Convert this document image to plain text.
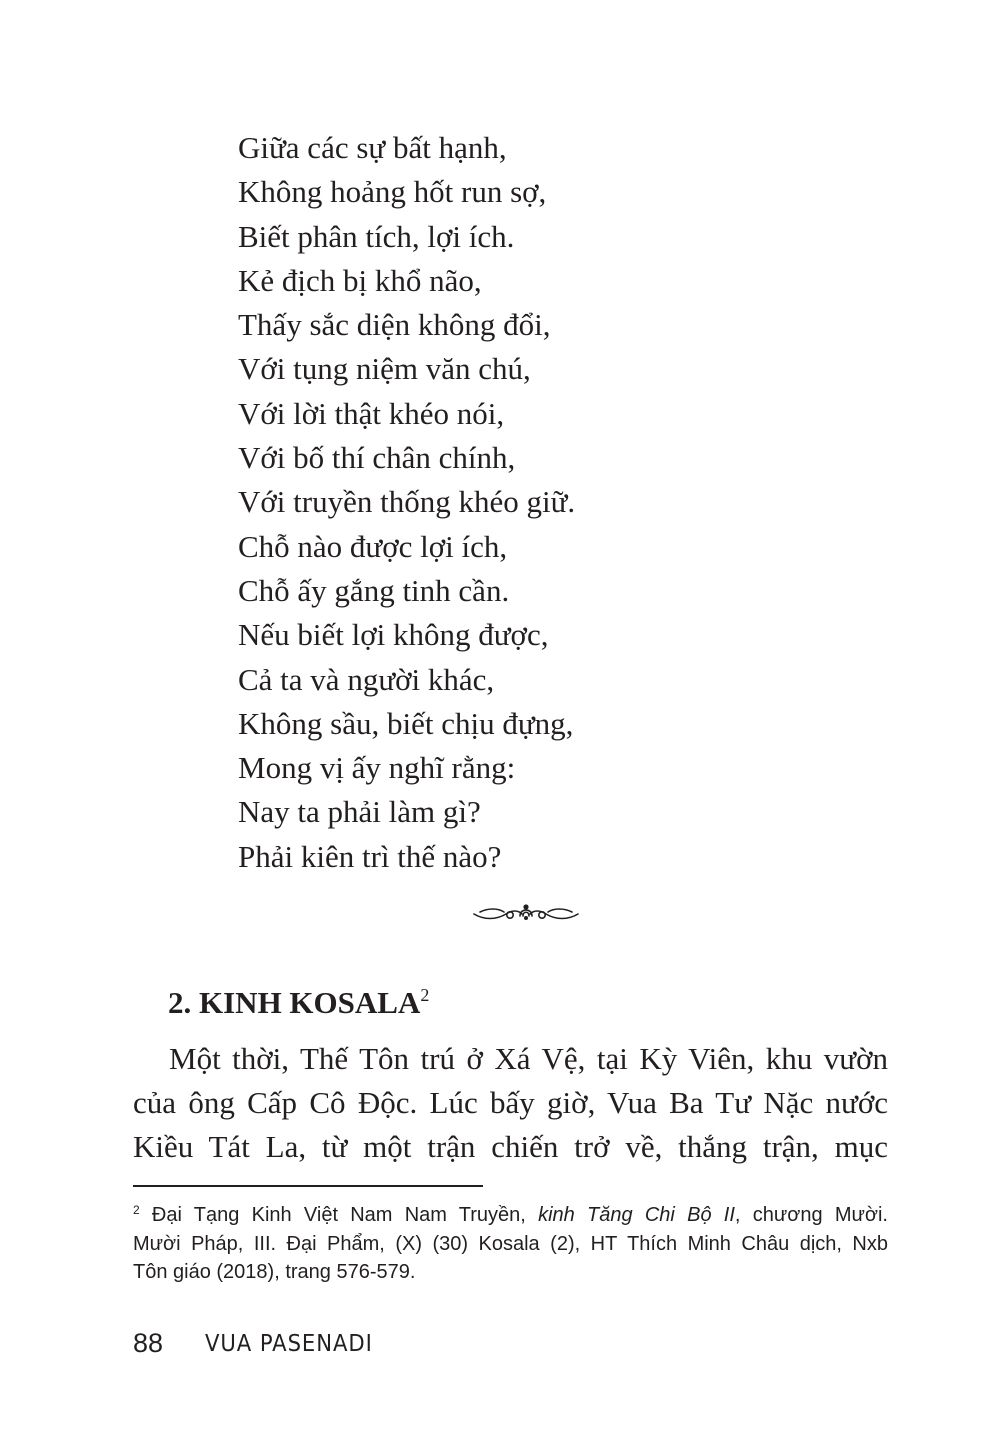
Giữa các sự bất hạnh,
Không hoảng hốt run sợ,
Biết phân tích, lợi ích.
Kẻ địch bị khổ não,
Thấy sắc diện không đổi,
Với tụng niệm văn chú,
Với lời thật khéo nói,
Với bố thí chân chính,
Với truyền thống khéo giữ.
Chỗ nào được lợi ích,
Chỗ ấy gắng tinh cần.
Nếu biết lợi không được,
Cả ta và người khác,
Không sầu, biết chịu đựng,
Mong vị ấy nghĩ rằng:
Nay ta phải làm gì?
Phải kiên trì thế nào?
2. KINH KOSALA$^2$
Một thời, Thế Tôn trú ở Xá Vệ, tại Kỳ Viên, khu vườn
của ông Cấp Cô Độc. Lúc bấy giờ, Vua Ba Tư Nặc nước
Kiều Tát La, từ một trận chiến trở về, thắng trận, mục
$^2$ Đại Tạng Kinh Việt Nam Nam Truyền, kinh Tăng Chi Bộ II, chương Mười.
Mười Pháp, III. Đại Phẩm, (X) (30) Kosala (2), HT Thích Minh Châu dịch, Nxb
Tôn giáo (2018), trang 576-579.
88 VUA PASENADI
